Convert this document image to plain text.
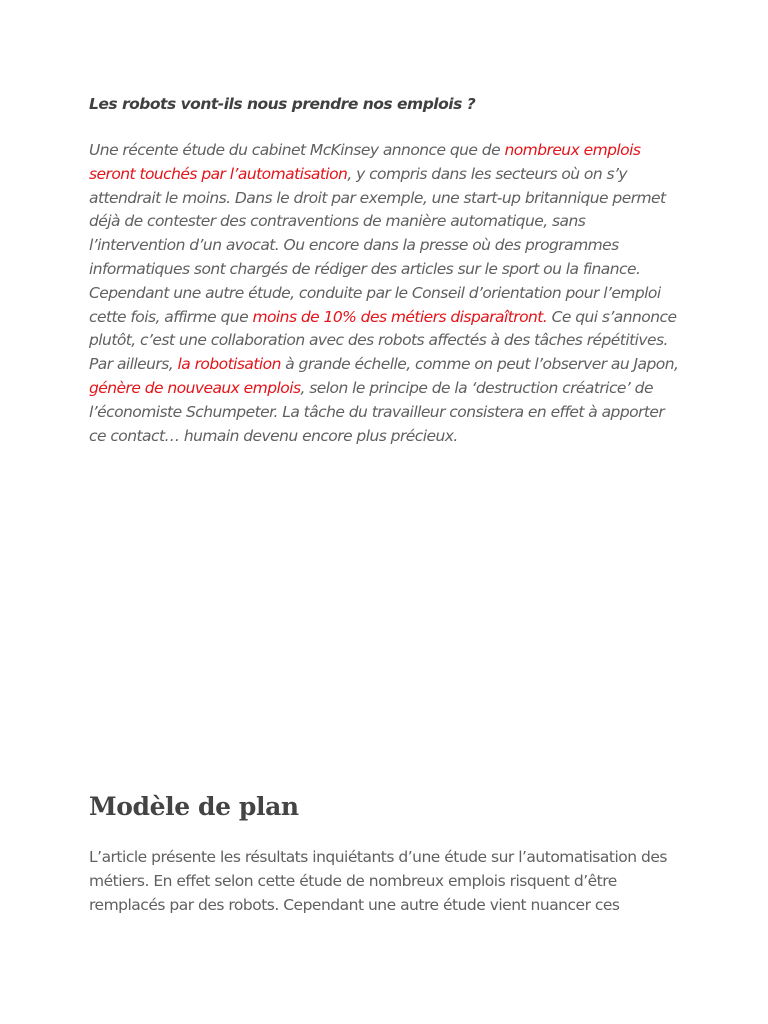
Les robots vont-ils nous prendre nos emplois ?

Une récente étude du cabinet McKinsey annonce que de nombreux emplois seront touchés par l’automatisation, y compris dans les secteurs où on s’y attendrait le moins. Dans le droit par exemple, une start-up britannique permet déjà de contester des contraventions de manière automatique, sans l’intervention d’un avocat. Ou encore dans la presse où des programmes informatiques sont chargés de rédiger des articles sur le sport ou la finance. Cependant une autre étude, conduite par le Conseil d’orientation pour l’emploi cette fois, affirme que moins de 10% des métiers disparaîtront. Ce qui s’annonce plutôt, c’est une collaboration avec des robots affectés à des tâches répétitives. Par ailleurs, la robotisation à grande échelle, comme on peut l’observer au Japon, génère de nouveaux emplois, selon le principe de la ‘destruction créatrice’ de l’économiste Schumpeter. La tâche du travailleur consistera en effet à apporter ce contact… humain devenu encore plus précieux.

Modèle de plan

L’article présente les résultats inquiétants d’une étude sur l’automatisation des métiers. En effet selon cette étude de nombreux emplois risquent d’être remplacés par des robots. Cependant une autre étude vient nuancer ces
